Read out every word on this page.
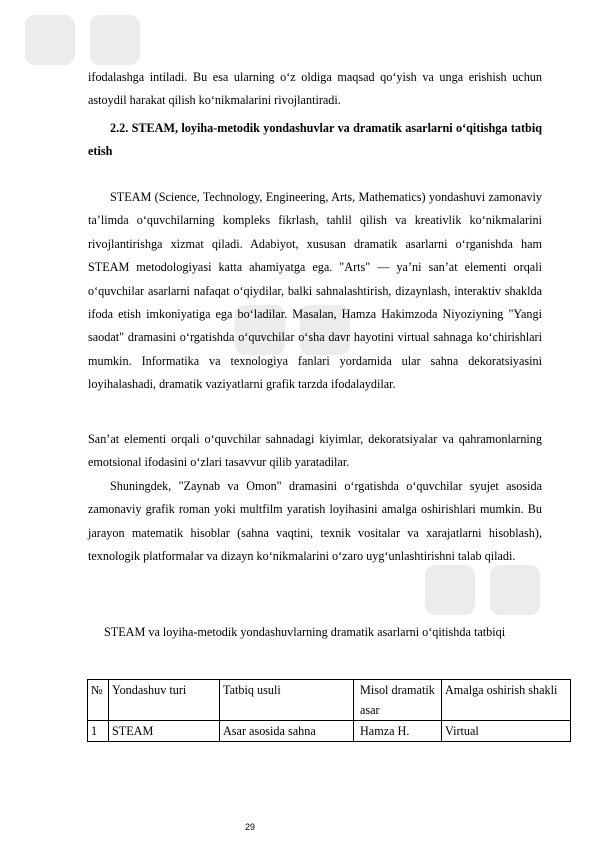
ifodalashga intiladi. Bu esa ularning o‘z oldiga maqsad qo‘yish va unga erishish uchun astoydil harakat qilish ko‘nikmalarini rivojlantiradi.

2.2. STEAM, loyiha-metodik yondashuvlar va dramatik asarlarni o‘qitishga tatbiq etish

STEAM (Science, Technology, Engineering, Arts, Mathematics) yondashuvi zamonaviy ta’limda o‘quvchilarning kompleks fikrlash, tahlil qilish va kreativlik ko‘nikmalarini rivojlantirishga xizmat qiladi. Adabiyot, xususan dramatik asarlarni o‘rganishda ham STEAM metodologiyasi katta ahamiyatga ega. "Arts" — ya’ni san’at elementi orqali o‘quvchilar asarlarni nafaqat o‘qiydilar, balki sahnalashtirish, dizaynlash, interaktiv shaklda ifoda etish imkoniyatiga ega bo‘ladilar. Masalan, Hamza Hakimzoda Niyoziyning "Yangi saodat" dramasini o‘rgatishda o‘quvchilar o‘sha davr hayotini virtual sahnaga ko‘chirishlari mumkin. Informatika va texnologiya fanlari yordamida ular sahna dekoratsiyasini loyihalashadi, dramatik vaziyatlarni grafik tarzda ifodalaydilar.

San’at elementi orqali o‘quvchilar sahnadagi kiyimlar, dekoratsiyalar va qahramonlarning emotsional ifodasini o‘zlari tasavvur qilib yaratadilar.

Shuningdek, "Zaynab va Omon" dramasini o‘rgatishda o‘quvchilar syujet asosida zamonaviy grafik roman yoki multfilm yaratish loyihasini amalga oshirishlari mumkin. Bu jarayon matematik hisoblar (sahna vaqtini, texnik vositalar va xarajatlarni hisoblash), texnologik platformalar va dizayn ko‘nikmalarini o‘zaro uyg‘unlashtirishni talab qiladi.

STEAM va loyiha-metodik yondashuvlarning dramatik asarlarni o‘qitishda tatbiqi

№	Yondashuv turi	Tatbiq usuli	Misol dramatik asar	Amalga oshirish shakli
1	STEAM	Asar asosida sahna	Hamza H.	Virtual
29
